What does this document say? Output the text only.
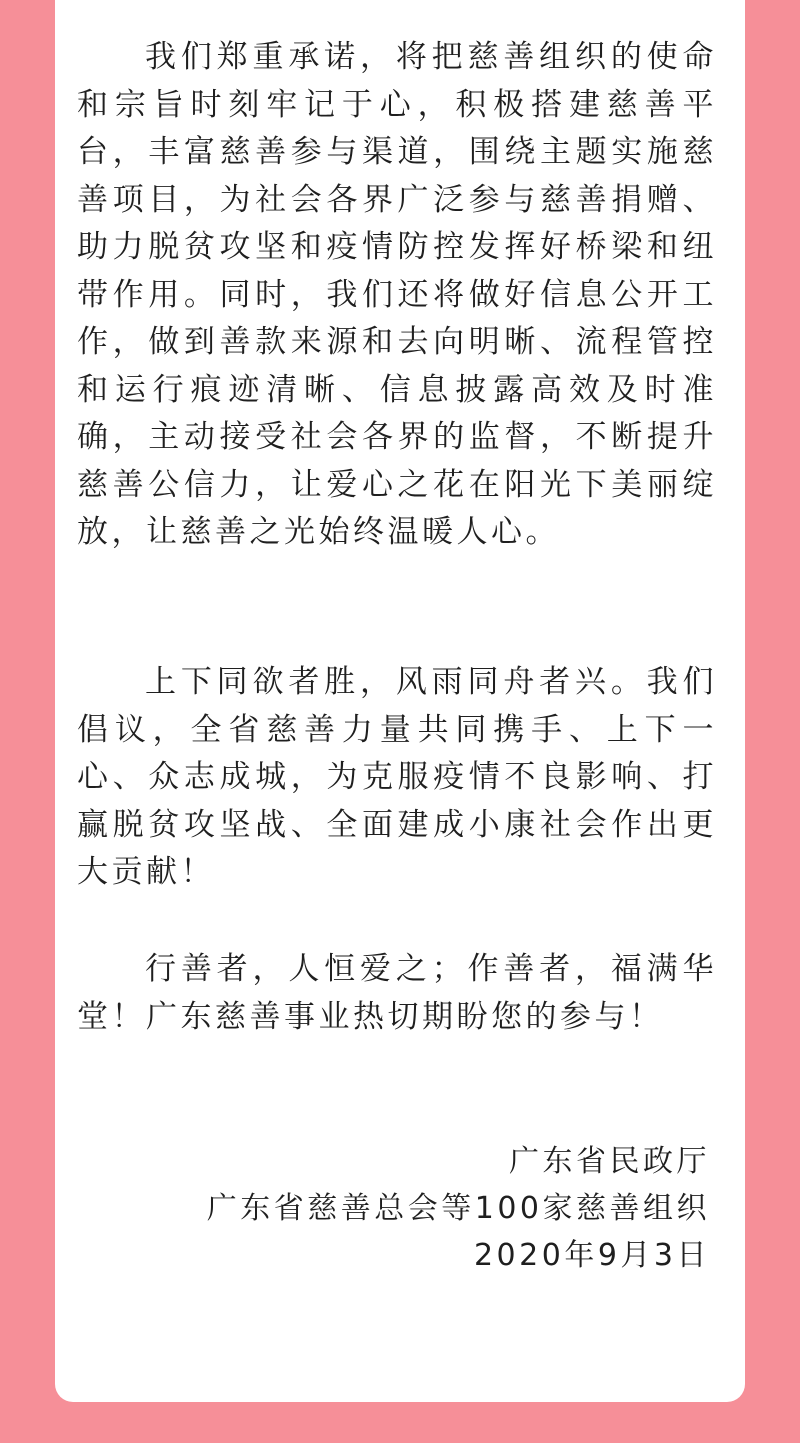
我们郑重承诺，将把慈善组织的使命和宗旨时刻牢记于心，积极搭建慈善平台，丰富慈善参与渠道，围绕主题实施慈善项目，为社会各界广泛参与慈善捐赠、助力脱贫攻坚和疫情防控发挥好桥梁和纽带作用。同时，我们还将做好信息公开工作，做到善款来源和去向明晰、流程管控和运行痕迹清晰、信息披露高效及时准确，主动接受社会各界的监督，不断提升慈善公信力，让爱心之花在阳光下美丽绽放，让慈善之光始终温暖人心。

上下同欲者胜，风雨同舟者兴。我们倡议，全省慈善力量共同携手、上下一心、众志成城，为克服疫情不良影响、打赢脱贫攻坚战、全面建成小康社会作出更大贡献！

行善者，人恒爱之；作善者，福满华堂！广东慈善事业热切期盼您的参与！

广东省民政厅
广东省慈善总会等100家慈善组织
2020年9月3日
